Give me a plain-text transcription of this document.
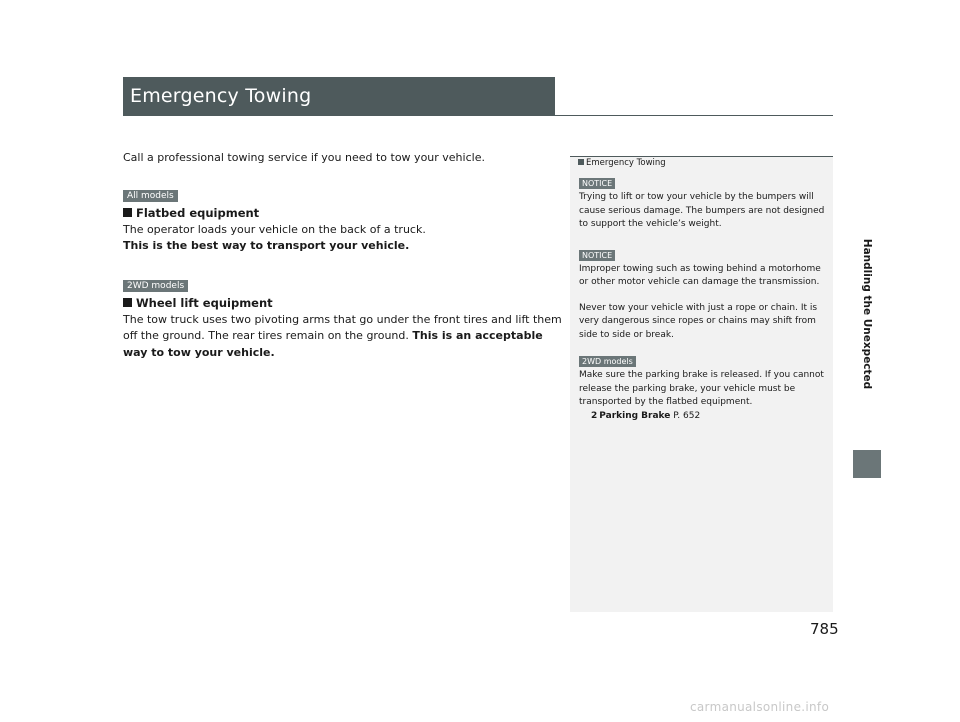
Emergency Towing

Call a professional towing service if you need to tow your vehicle.

All models

Flatbed equipment

The operator loads your vehicle on the back of a truck.

This is the best way to transport your vehicle.

2WD models

Wheel lift equipment

The tow truck uses two pivoting arms that go under the front tires and lift them off the ground. The rear tires remain on the ground. This is an acceptable way to tow your vehicle.

Emergency Towing
NOTICE

Trying to lift or tow your vehicle by the bumpers will cause serious damage. The bumpers are not designed to support the vehicle’s weight.

NOTICE

Improper towing such as towing behind a motorhome or other motor vehicle can damage the transmission.

Never tow your vehicle with just a rope or chain. It is very dangerous since ropes or chains may shift from side to side or break.

2WD models

Make sure the parking brake is released. If you cannot release the parking brake, your vehicle must be transported by the flatbed equipment.

2 Parking Brake P. 652

Handling the Unexpected
785
carmanualsonline.info
